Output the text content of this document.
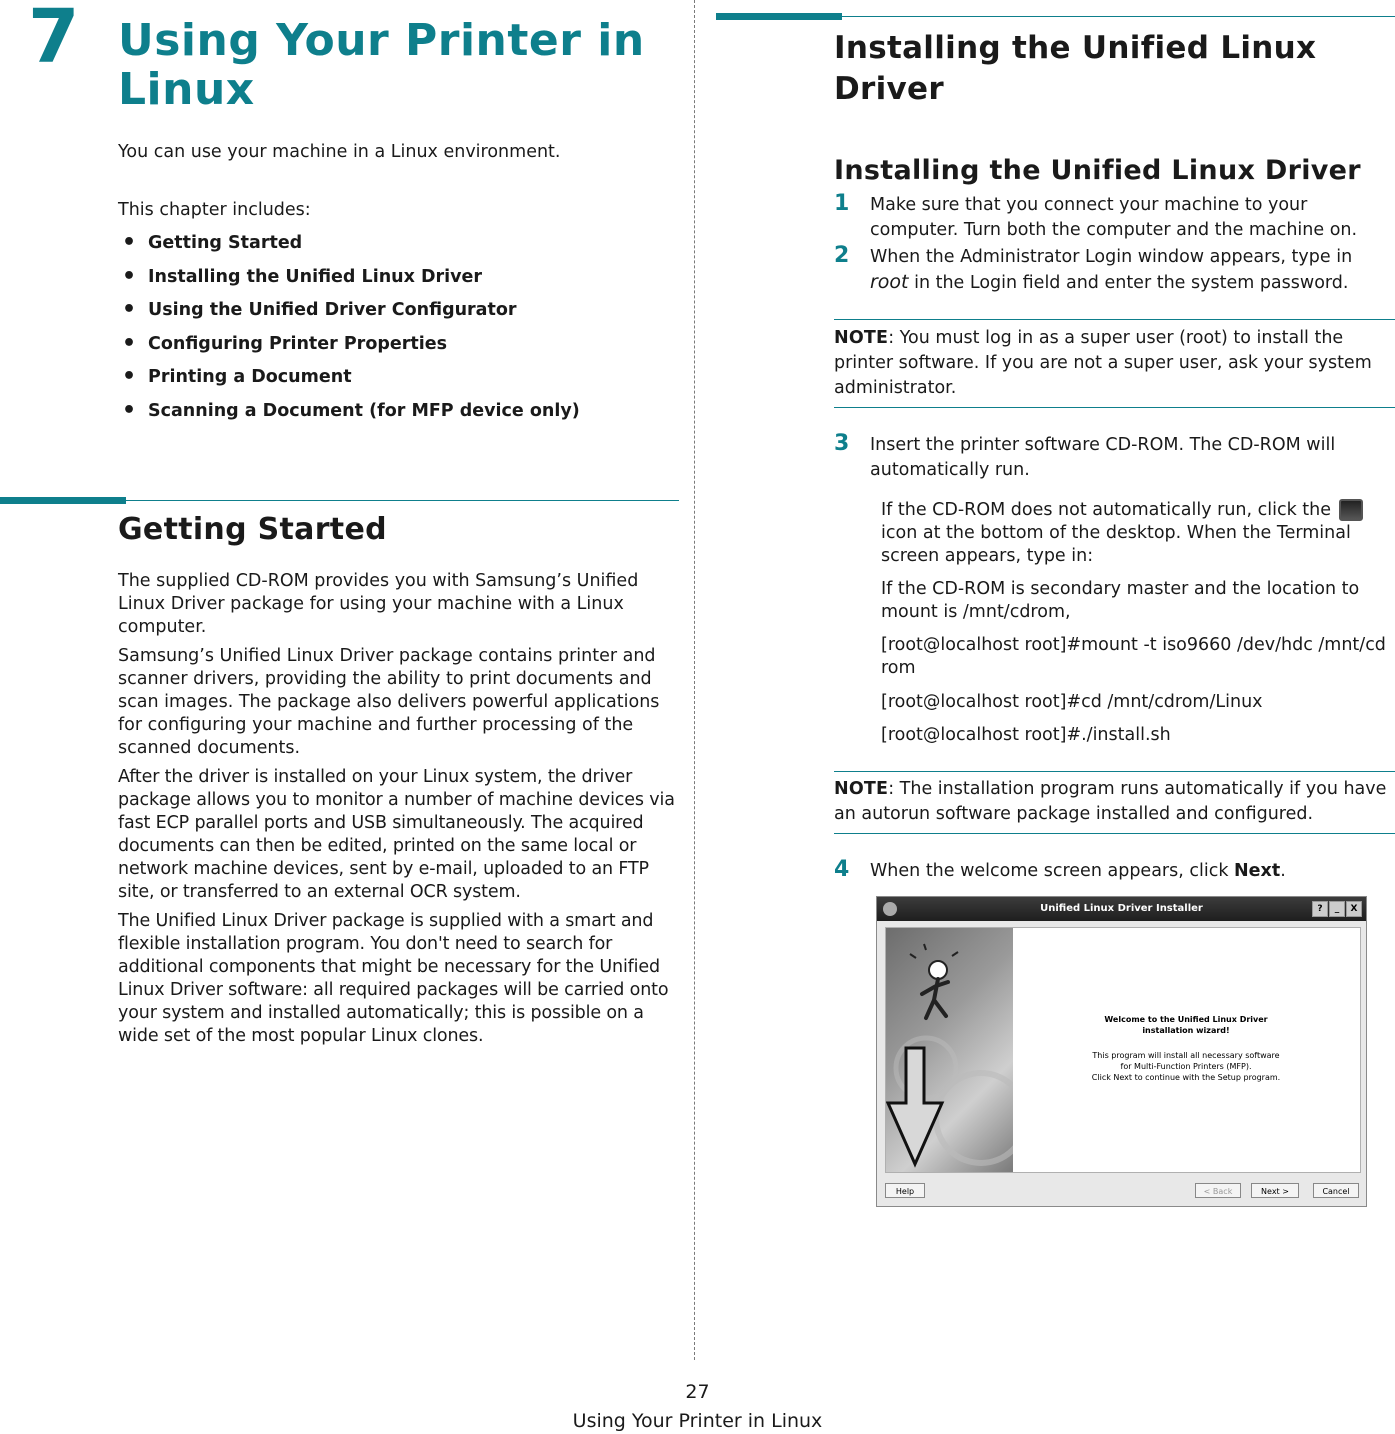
7 Using Your Printer in Linux
You can use your machine in a Linux environment.
This chapter includes:
• Getting Started
• Installing the Unified Linux Driver
• Using the Unified Driver Configurator
• Configuring Printer Properties
• Printing a Document
• Scanning a Document (for MFP device only)
Getting Started

The supplied CD-ROM provides you with Samsung’s Unified Linux Driver package for using your machine with a Linux computer.

Samsung’s Unified Linux Driver package contains printer and scanner drivers, providing the ability to print documents and scan images. The package also delivers powerful applications for configuring your machine and further processing of the scanned documents.

After the driver is installed on your Linux system, the driver package allows you to monitor a number of machine devices via fast ECP parallel ports and USB simultaneously. The acquired documents can then be edited, printed on the same local or network machine devices, sent by e-mail, uploaded to an FTP site, or transferred to an external OCR system.

The Unified Linux Driver package is supplied with a smart and flexible installation program. You don't need to search for additional components that might be necessary for the Unified Linux Driver software: all required packages will be carried onto your system and installed automatically; this is possible on a wide set of the most popular Linux clones.

Installing the Unified Linux Driver
Installing the Unified Linux Driver
1 Make sure that you connect your machine to your computer. Turn both the computer and the machine on.
2 When the Administrator Login window appears, type in root in the Login field and enter the system password.
NOTE: You must log in as a super user (root) to install the printer software. If you are not a super user, ask your system administrator.
3 Insert the printer software CD-ROM. The CD-ROM will automatically run.
If the CD-ROM does not automatically run, click the icon at the bottom of the desktop. When the Terminal screen appears, type in:
If the CD-ROM is secondary master and the location to mount is /mnt/cdrom,
[root@localhost root]#mount -t iso9660 /dev/hdc /mnt/cdrom
[root@localhost root]#cd /mnt/cdrom/Linux
[root@localhost root]#./install.sh
NOTE: The installation program runs automatically if you have an autorun software package installed and configured.
4 When the welcome screen appears, click Next.
Unified Linux Driver Installer	?	_	X
Welcome to the Unified Linux Driver
installation wizard!
This program will install all necessary software
for Multi-Function Printers (MFP).
Click Next to continue with the Setup program.
Help	< Back	Next >	Cancel
27
Using Your Printer in Linux
